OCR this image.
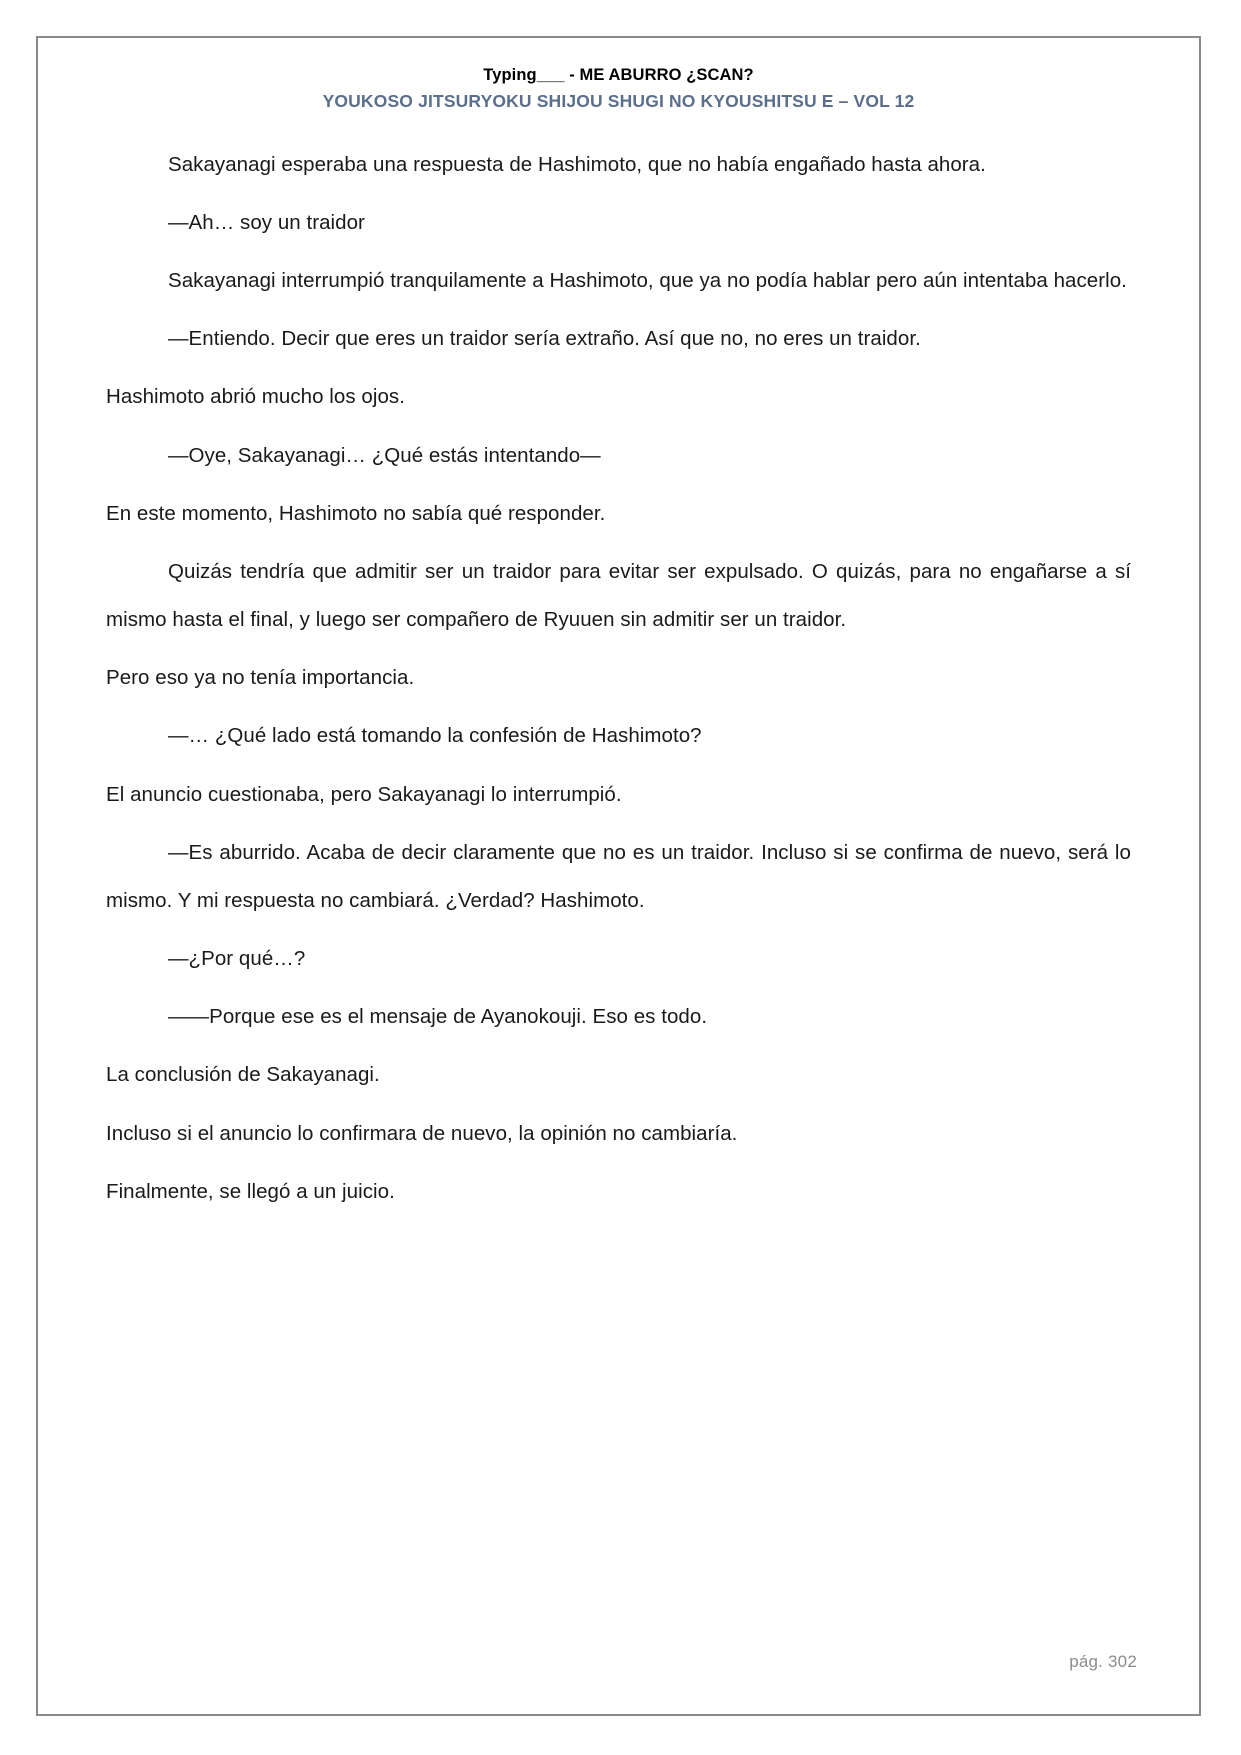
Typing___ - ME ABURRO ¿SCAN?
YOUKOSO JITSURYOKU SHIJOU SHUGI NO KYOUSHITSU E – VOL 12

Sakayanagi esperaba una respuesta de Hashimoto, que no había engañado hasta ahora.

—Ah… soy un traidor

Sakayanagi interrumpió tranquilamente a Hashimoto, que ya no podía hablar pero aún intentaba hacerlo.

—Entiendo. Decir que eres un traidor sería extraño. Así que no, no eres un traidor.

Hashimoto abrió mucho los ojos.

—Oye, Sakayanagi… ¿Qué estás intentando—

En este momento, Hashimoto no sabía qué responder.

Quizás tendría que admitir ser un traidor para evitar ser expulsado. O quizás, para no engañarse a sí mismo hasta el final, y luego ser compañero de Ryuuen sin admitir ser un traidor.

Pero eso ya no tenía importancia.

—… ¿Qué lado está tomando la confesión de Hashimoto?

El anuncio cuestionaba, pero Sakayanagi lo interrumpió.

—Es aburrido. Acaba de decir claramente que no es un traidor. Incluso si se confirma de nuevo, será lo mismo. Y mi respuesta no cambiará. ¿Verdad? Hashimoto.

—¿Por qué…?

——Porque ese es el mensaje de Ayanokouji. Eso es todo.

La conclusión de Sakayanagi.

Incluso si el anuncio lo confirmara de nuevo, la opinión no cambiaría.

Finalmente, se llegó a un juicio.

pág. 302
